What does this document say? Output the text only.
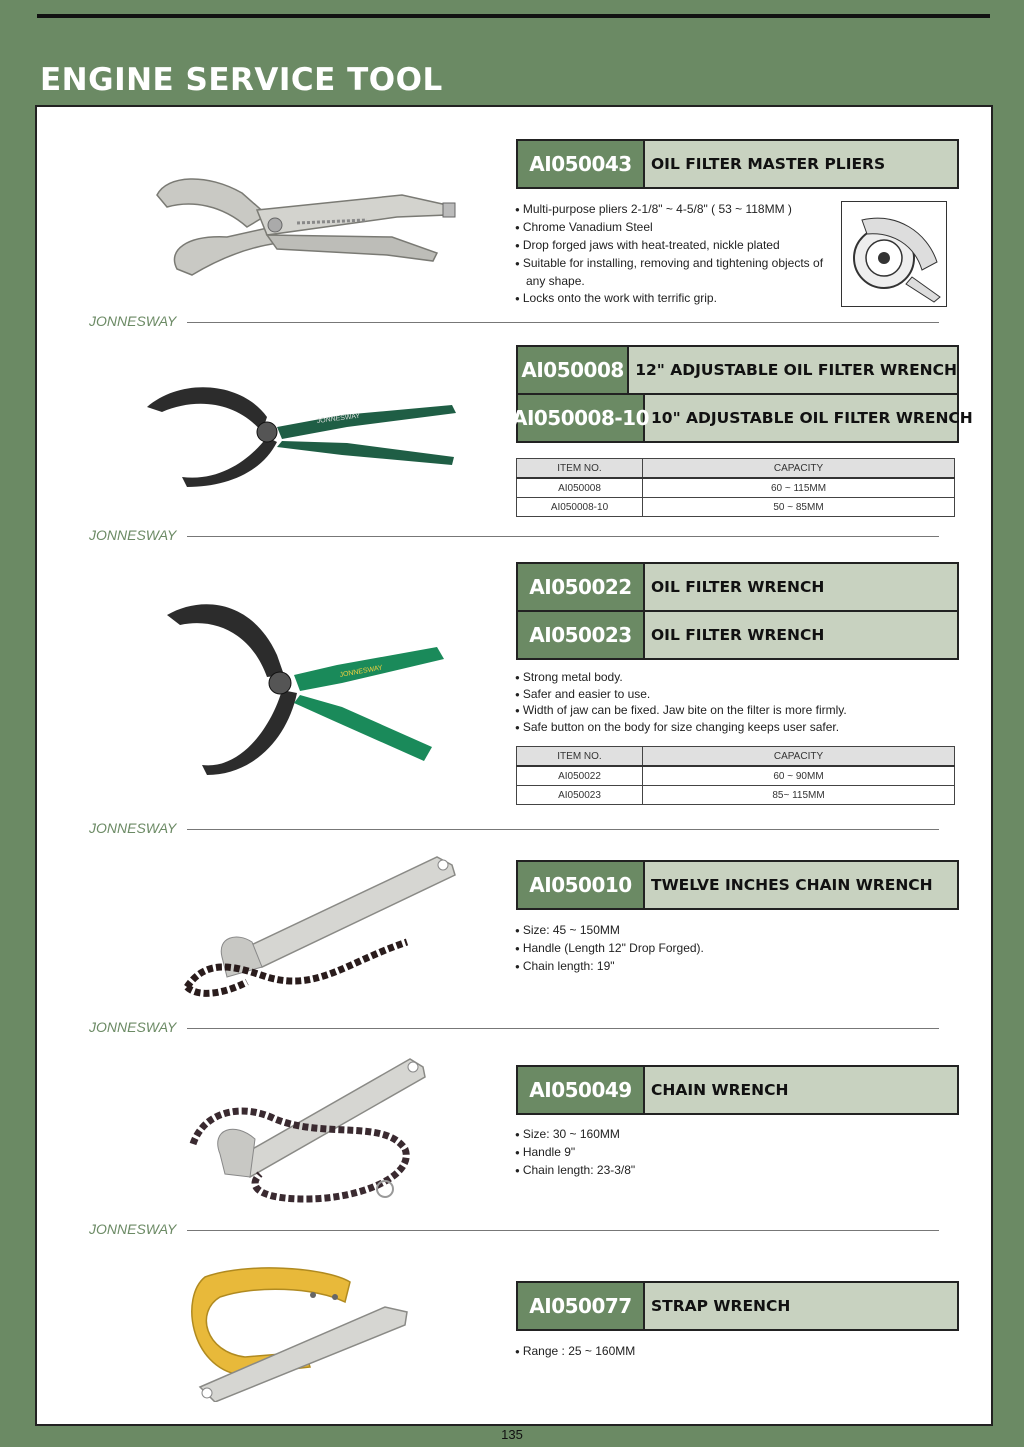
ENGINE SERVICE TOOL
AI050043	OIL FILTER MASTER PLIERS
● Multi-purpose pliers 2-1/8" ~ 4-5/8" ( 53 ~ 118MM )
● Chrome Vanadium Steel
● Drop forged jaws with heat-treated, nickle plated
● Suitable for installing, removing and tightening objects of any shape.
● Locks onto the work with terrific grip.
JONNESWAY
JONNESWAY
AI050008 12" ADJUSTABLE OIL FILTER WRENCH
AI050008-10 10" ADJUSTABLE OIL FILTER WRENCH
ITEM NO.	CAPACITY
AI050008	60 ~ 115MM
AI050008-10	50 ~ 85MM
JONNESWAY
JONNESWAY
AI050022	OIL FILTER WRENCH
AI050023	OIL FILTER WRENCH
● Strong metal body.
● Safer and easier to use.
● Width of jaw can be fixed. Jaw bite on the filter is more firmly.
● Safe button on the body for size changing keeps user safer.
ITEM NO.	CAPACITY
AI050022	60 ~ 90MM
AI050023	85~ 115MM
JONNESWAY
AI050010	TWELVE INCHES CHAIN WRENCH
● Size: 45 ~ 150MM
● Handle (Length 12" Drop Forged).
● Chain length: 19"
JONNESWAY
AI050049	CHAIN WRENCH
● Size: 30 ~ 160MM
● Handle 9"
● Chain length: 23-3/8"
JONNESWAY
AI050077	STRAP WRENCH
● Range : 25 ~ 160MM
135
